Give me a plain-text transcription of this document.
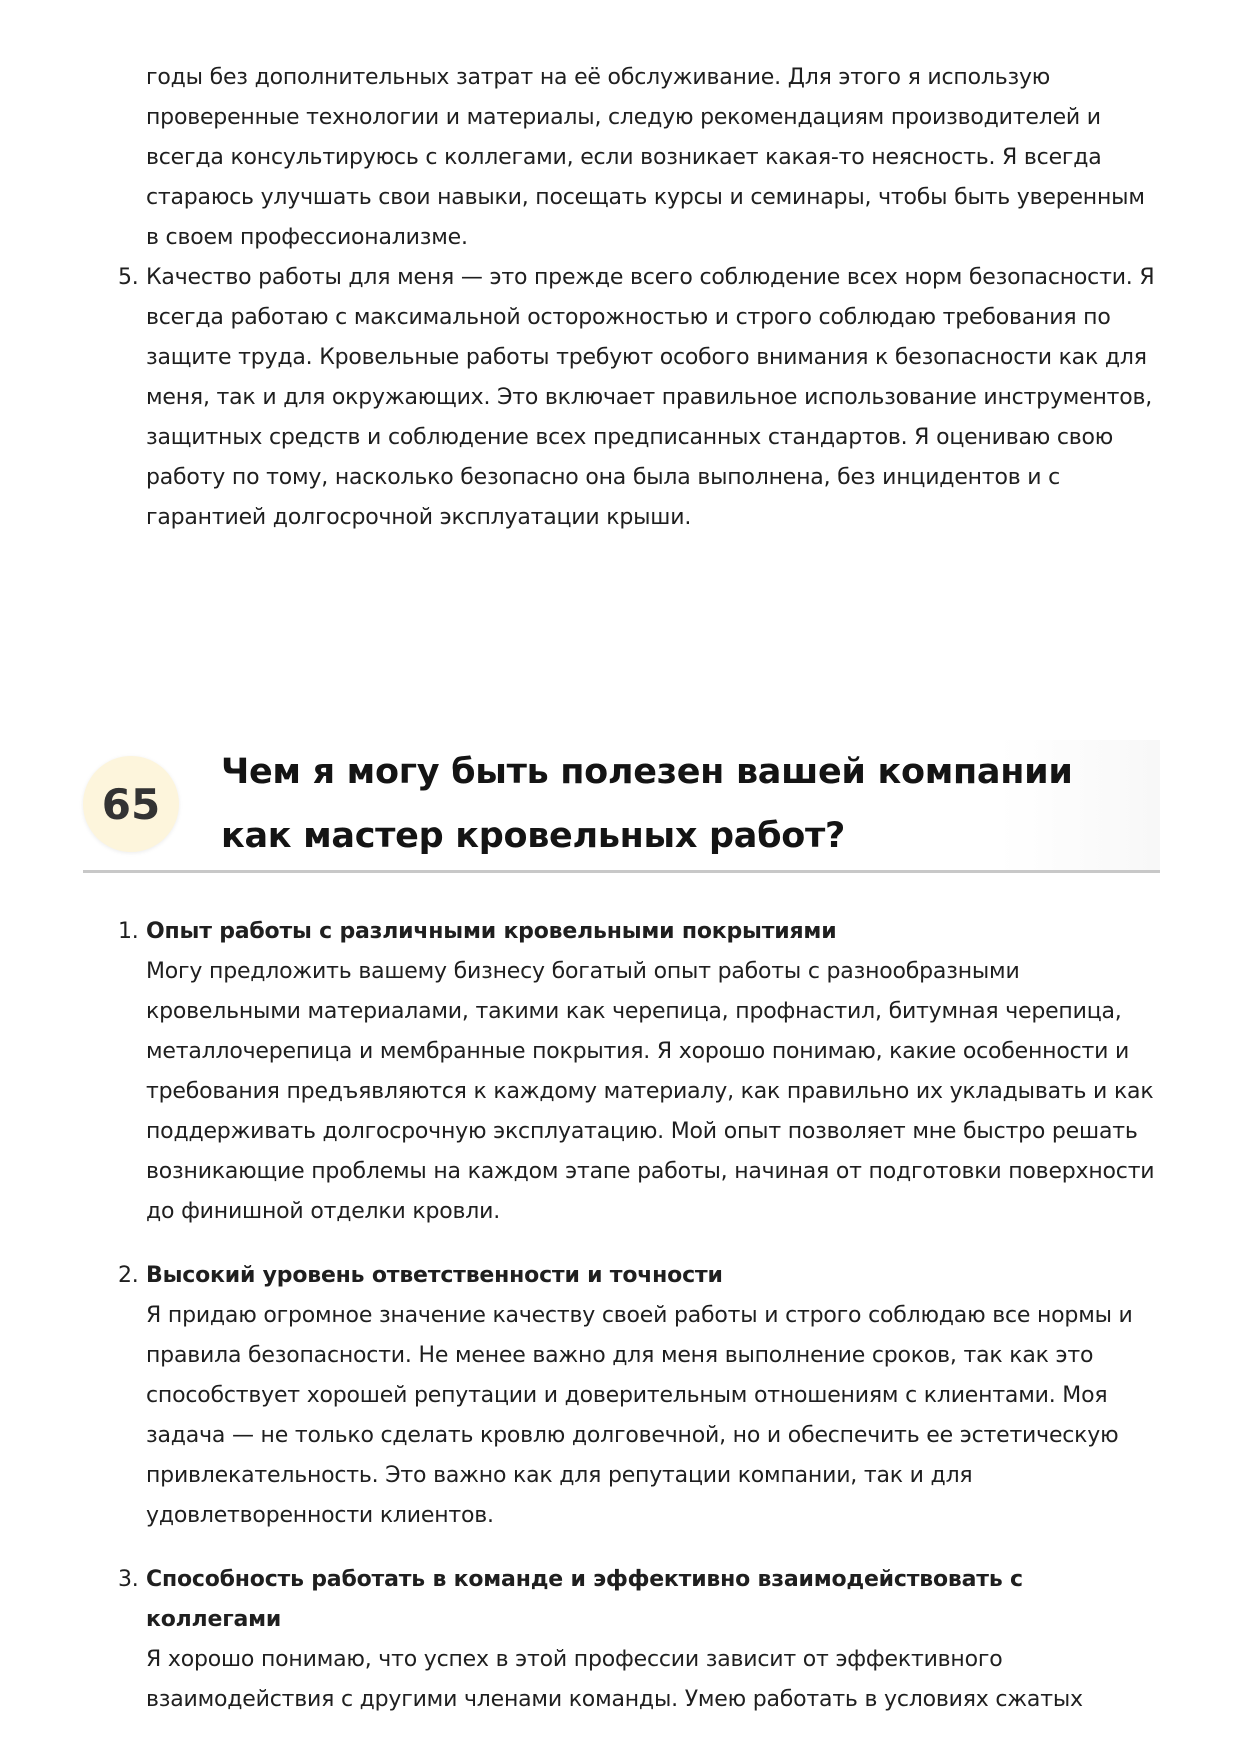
годы без дополнительных затрат на её обслуживание. Для этого я использую проверенные технологии и материалы, следую рекомендациям производителей и всегда консультируюсь с коллегами, если возникает какая-то неясность. Я всегда стараюсь улучшать свои навыки, посещать курсы и семинары, чтобы быть уверенным в своем профессионализме.

5. Качество работы для меня — это прежде всего соблюдение всех норм безопасности. Я всегда работаю с максимальной осторожностью и строго соблюдаю требования по защите труда. Кровельные работы требуют особого внимания к безопасности как для меня, так и для окружающих. Это включает правильное использование инструментов, защитных средств и соблюдение всех предписанных стандартов. Я оцениваю свою работу по тому, насколько безопасно она была выполнена, без инцидентов и с гарантией долгосрочной эксплуатации крыши.
65
Чем я могу быть полезен вашей компании как мастер кровельных работ?
1. Опыт работы с различными кровельными покрытиями
Могу предложить вашему бизнесу богатый опыт работы с разнообразными кровельными материалами, такими как черепица, профнастил, битумная черепица, металлочерепица и мембранные покрытия. Я хорошо понимаю, какие особенности и требования предъявляются к каждому материалу, как правильно их укладывать и как поддерживать долгосрочную эксплуатацию. Мой опыт позволяет мне быстро решать возникающие проблемы на каждом этапе работы, начиная от подготовки поверхности до финишной отделки кровли.
2. Высокий уровень ответственности и точности
Я придаю огромное значение качеству своей работы и строго соблюдаю все нормы и правила безопасности. Не менее важно для меня выполнение сроков, так как это способствует хорошей репутации и доверительным отношениям с клиентами. Моя задача — не только сделать кровлю долговечной, но и обеспечить ее эстетическую привлекательность. Это важно как для репутации компании, так и для удовлетворенности клиентов.
3. Способность работать в команде и эффективно взаимодействовать с коллегами
Я хорошо понимаю, что успех в этой профессии зависит от эффективного взаимодействия с другими членами команды. Умею работать в условиях сжатых
